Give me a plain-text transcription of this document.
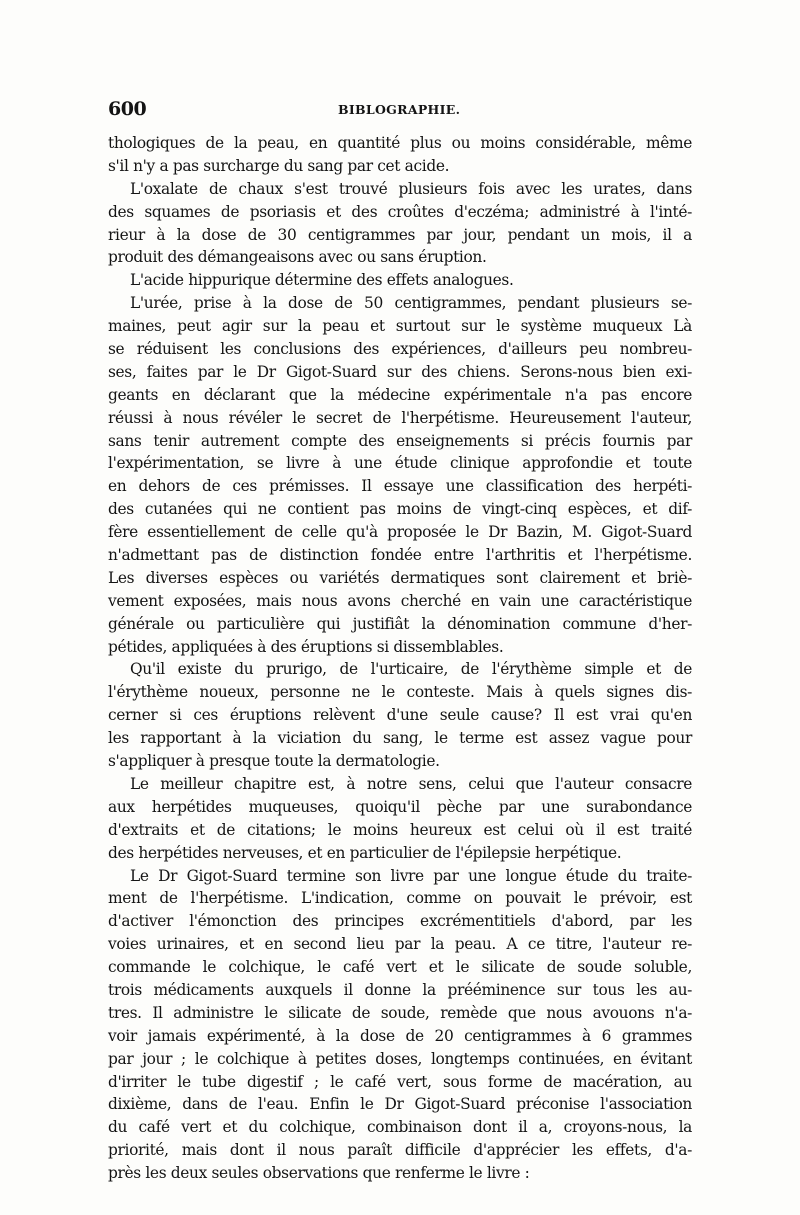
600	BIBLOGRAPHIE.
thologiques de la peau, en quantité plus ou moins considérable, même
s'il n'y a pas surcharge du sang par cet acide.
L'oxalate de chaux s'est trouvé plusieurs fois avec les urates, dans
des squames de psoriasis et des croûtes d'eczéma; administré à l'inté-
rieur à la dose de 30 centigrammes par jour, pendant un mois, il a
produit des démangeaisons avec ou sans éruption.
L'acide hippurique détermine des effets analogues.
L'urée, prise à la dose de 50 centigrammes, pendant plusieurs se-
maines, peut agir sur la peau et surtout sur le système muqueux Là
se réduisent les conclusions des expériences, d'ailleurs peu nombreu-
ses, faites par le Dr Gigot-Suard sur des chiens. Serons-nous bien exi-
geants en déclarant que la médecine expérimentale n'a pas encore
réussi à nous révéler le secret de l'herpétisme. Heureusement l'auteur,
sans tenir autrement compte des enseignements si précis fournis par
l'expérimentation, se livre à une étude clinique approfondie et toute
en dehors de ces prémisses. Il essaye une classification des herpéti-
des cutanées qui ne contient pas moins de vingt-cinq espèces, et dif-
fère essentiellement de celle qu'à proposée le Dr Bazin, M. Gigot-Suard
n'admettant pas de distinction fondée entre l'arthritis et l'herpétisme.
Les diverses espèces ou variétés dermatiques sont clairement et briè-
vement exposées, mais nous avons cherché en vain une caractéristique
générale ou particulière qui justifiât la dénomination commune d'her-
pétides, appliquées à des éruptions si dissemblables.
Qu'il existe du prurigo, de l'urticaire, de l'érythème simple et de
l'érythème noueux, personne ne le conteste. Mais à quels signes dis-
cerner si ces éruptions relèvent d'une seule cause? Il est vrai qu'en
les rapportant à la viciation du sang, le terme est assez vague pour
s'appliquer à presque toute la dermatologie.
Le meilleur chapitre est, à notre sens, celui que l'auteur consacre
aux herpétides muqueuses, quoiqu'il pèche par une surabondance
d'extraits et de citations; le moins heureux est celui où il est traité
des herpétides nerveuses, et en particulier de l'épilepsie herpétique.
Le Dr Gigot-Suard termine son livre par une longue étude du traite-
ment de l'herpétisme. L'indication, comme on pouvait le prévoir, est
d'activer l'émonction des principes excrémentitiels d'abord, par les
voies urinaires, et en second lieu par la peau. A ce titre, l'auteur re-
commande le colchique, le café vert et le silicate de soude soluble,
trois médicaments auxquels il donne la prééminence sur tous les au-
tres. Il administre le silicate de soude, remède que nous avouons n'a-
voir jamais expérimenté, à la dose de 20 centigrammes à 6 grammes
par jour ; le colchique à petites doses, longtemps continuées, en évitant
d'irriter le tube digestif ; le café vert, sous forme de macération, au
dixième, dans de l'eau. Enfin le Dr Gigot-Suard préconise l'association
du café vert et du colchique, combinaison dont il a, croyons-nous, la
priorité, mais dont il nous paraît difficile d'apprécier les effets, d'a-
près les deux seules observations que renferme le livre :
